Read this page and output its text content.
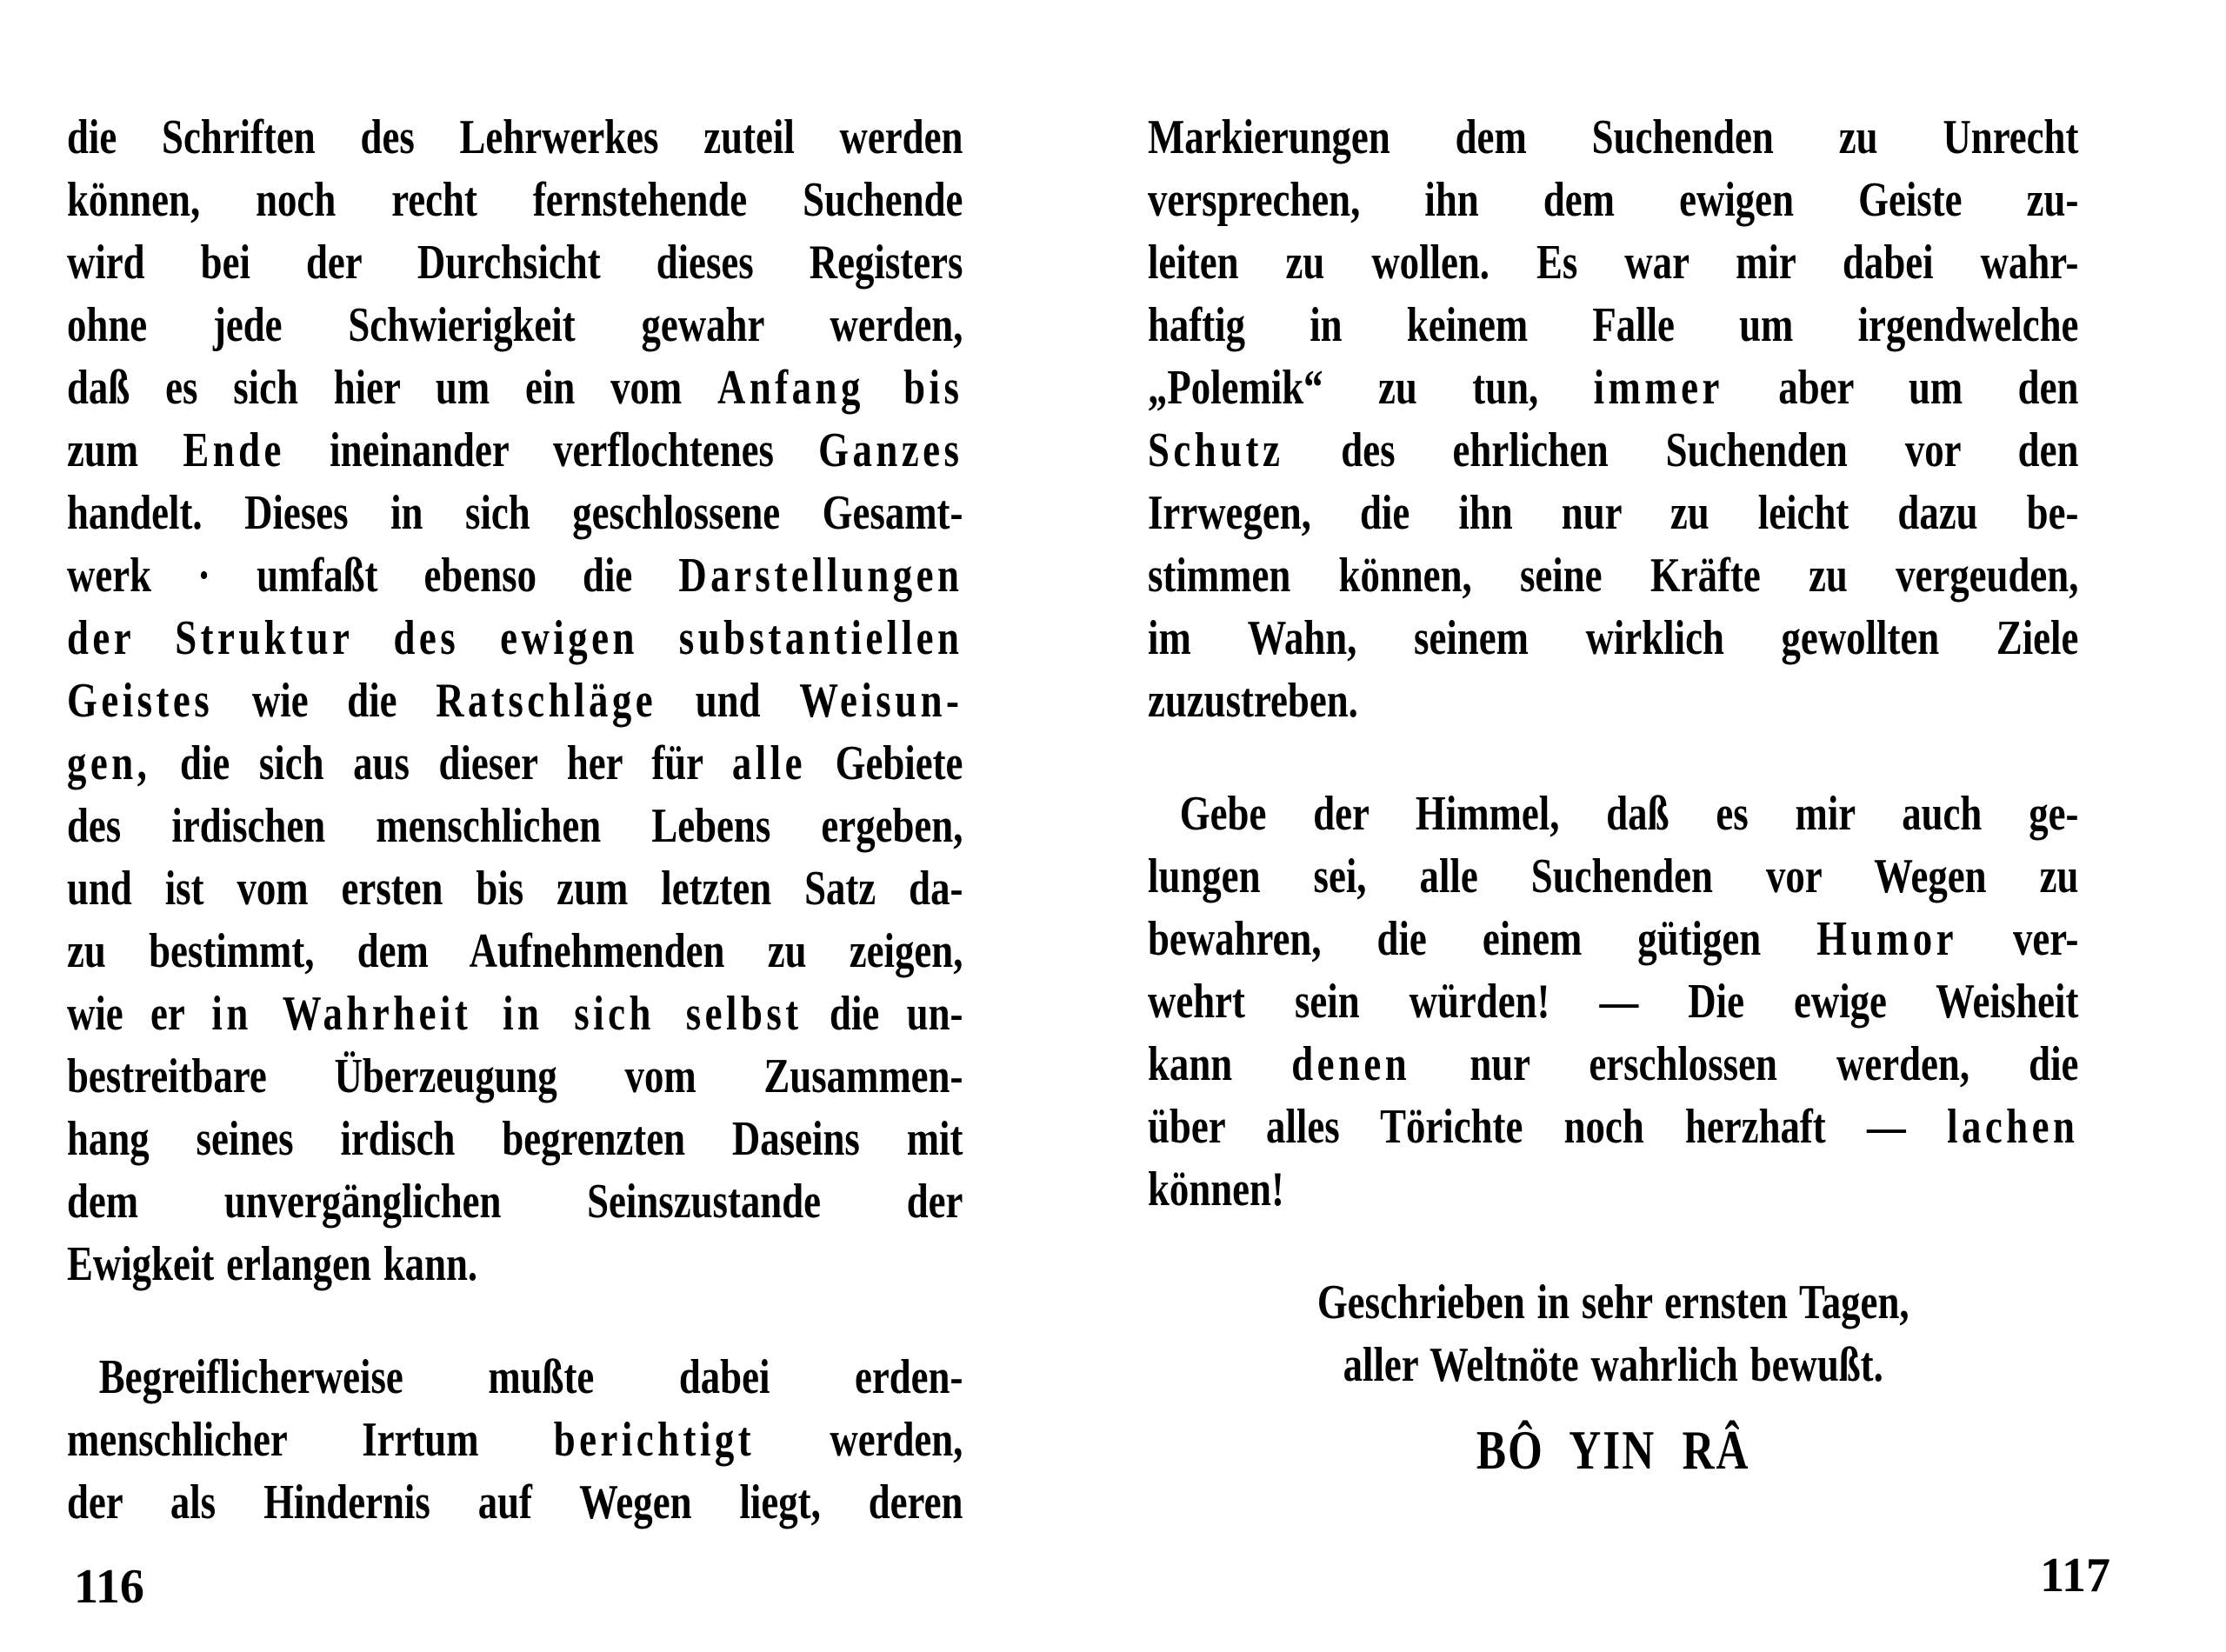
die Schriften des Lehrwerkes zuteil werden
können, noch recht fernstehende Suchende
wird bei der Durchsicht dieses Registers
ohne jede Schwierigkeit gewahr werden,
daß es sich hier um ein vom Anfang bis
zum Ende ineinander verflochtenes Ganzes
handelt. Dieses in sich geschlossene Gesamt-
werk · umfaßt ebenso die Darstellungen
der Struktur des ewigen substantiellen
Geistes wie die Ratschläge und Weisun-
gen, die sich aus dieser her für alle Gebiete
des irdischen menschlichen Lebens ergeben,
und ist vom ersten bis zum letzten Satz da-
zu bestimmt, dem Aufnehmenden zu zeigen,
wie er in Wahrheit in sich selbst die un-
bestreitbare Überzeugung vom Zusammen-
hang seines irdisch begrenzten Daseins mit
dem unvergänglichen Seinszustande der
Ewigkeit erlangen kann.
Begreiflicherweise mußte dabei erden-
menschlicher Irrtum berichtigt werden,
der als Hindernis auf Wegen liegt, deren
116
Markierungen dem Suchenden zu Unrecht
versprechen, ihn dem ewigen Geiste zu-
leiten zu wollen. Es war mir dabei wahr-
haftig in keinem Falle um irgendwelche
„Polemik“ zu tun, immer aber um den
Schutz des ehrlichen Suchenden vor den
Irrwegen, die ihn nur zu leicht dazu be-
stimmen können, seine Kräfte zu vergeuden,
im Wahn, seinem wirklich gewollten Ziele
zuzustreben.
Gebe der Himmel, daß es mir auch ge-
lungen sei, alle Suchenden vor Wegen zu
bewahren, die einem gütigen Humor ver-
wehrt sein würden! — Die ewige Weisheit
kann denen nur erschlossen werden, die
über alles Törichte noch herzhaft — lachen
können!
Geschrieben in sehr ernsten Tagen,
aller Weltnöte wahrlich bewußt.
BÔ YIN RÂ
117
